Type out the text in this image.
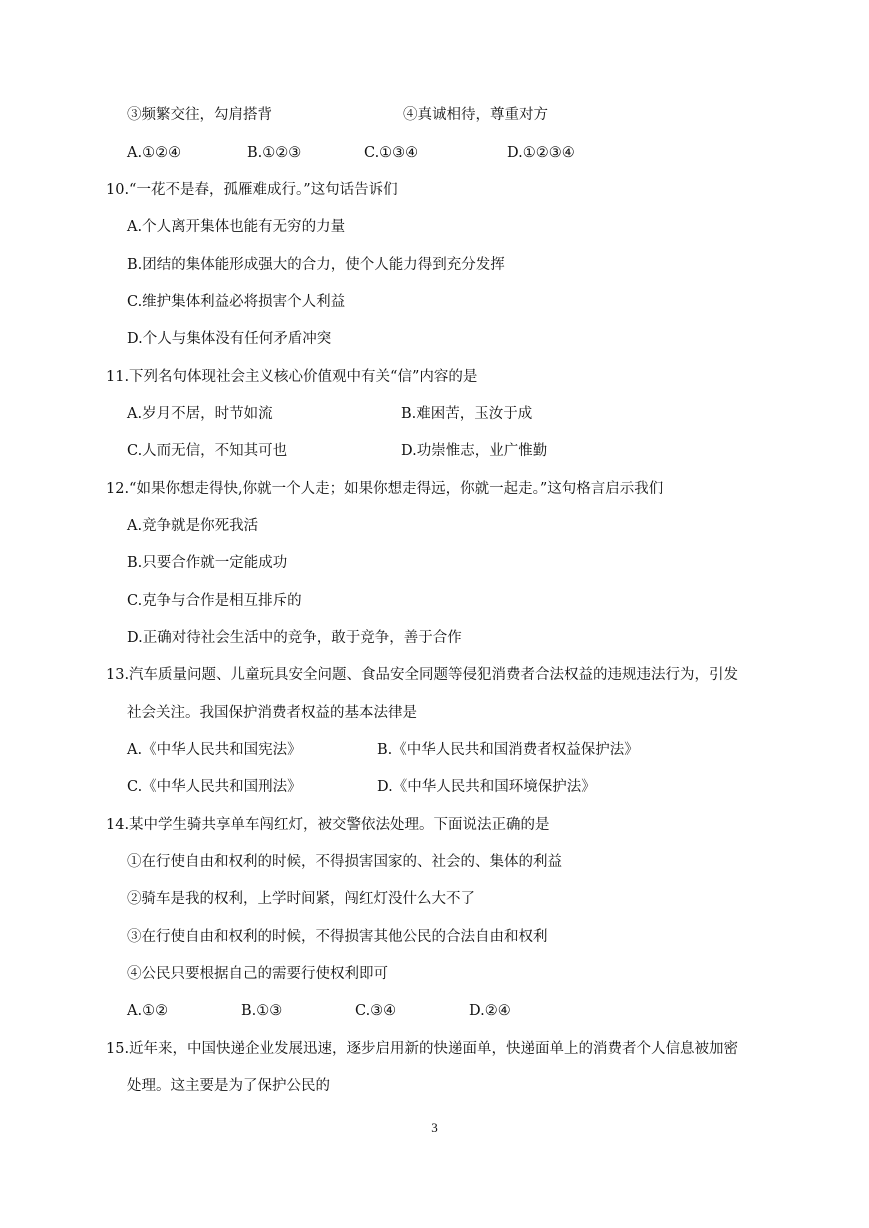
③频繁交往，勾肩搭背	④真诚相待，尊重对方
A.①②④	B.①②③	C.①③④	D.①②③④
10.“一花不是春，孤雁难成行。”这句话告诉们
A.个人离开集体也能有无穷的力量
B.团结的集体能形成强大的合力，使个人能力得到充分发挥
C.维护集体利益必将损害个人利益
D.个人与集体没有任何矛盾冲突
11.下列名句体现社会主义核心价值观中有关“信”内容的是
A.岁月不居，时节如流	B.难困苦，玉汝于成
C.人而无信，不知其可也	D.功崇惟志，业广惟勤
12.“如果你想走得快,你就一个人走；如果你想走得远，你就一起走。”这句格言启示我们
A.竞争就是你死我活
B.只要合作就一定能成功
C.克争与合作是相互排斥的
D.正确对待社会生活中的竞争，敢于竞争，善于合作
13.汽车质量问题、儿童玩具安全问题、食品安全同题等侵犯消费者合法权益的违规违法行为，引发
社会关注。我国保护消费者权益的基本法律是
A.《中华人民共和国宪法》	B.《中华人民共和国消费者权益保护法》
C.《中华人民共和国刑法》	D.《中华人民共和国环境保护法》
14.某中学生骑共享单车闯红灯，被交警依法处理。下面说法正确的是
①在行使自由和权利的时候，不得损害国家的、社会的、集体的利益
②骑车是我的权利，上学时间紧，闯红灯没什么大不了
③在行使自由和权利的时候，不得损害其他公民的合法自由和权利
④公民只要根据自己的需要行使权利即可
A.①②	B.①③	C.③④	D.②④
15.近年来，中国快递企业发展迅速，逐步启用新的快递面单，快递面单上的消费者个人信息被加密
处理。这主要是为了保护公民的
3
